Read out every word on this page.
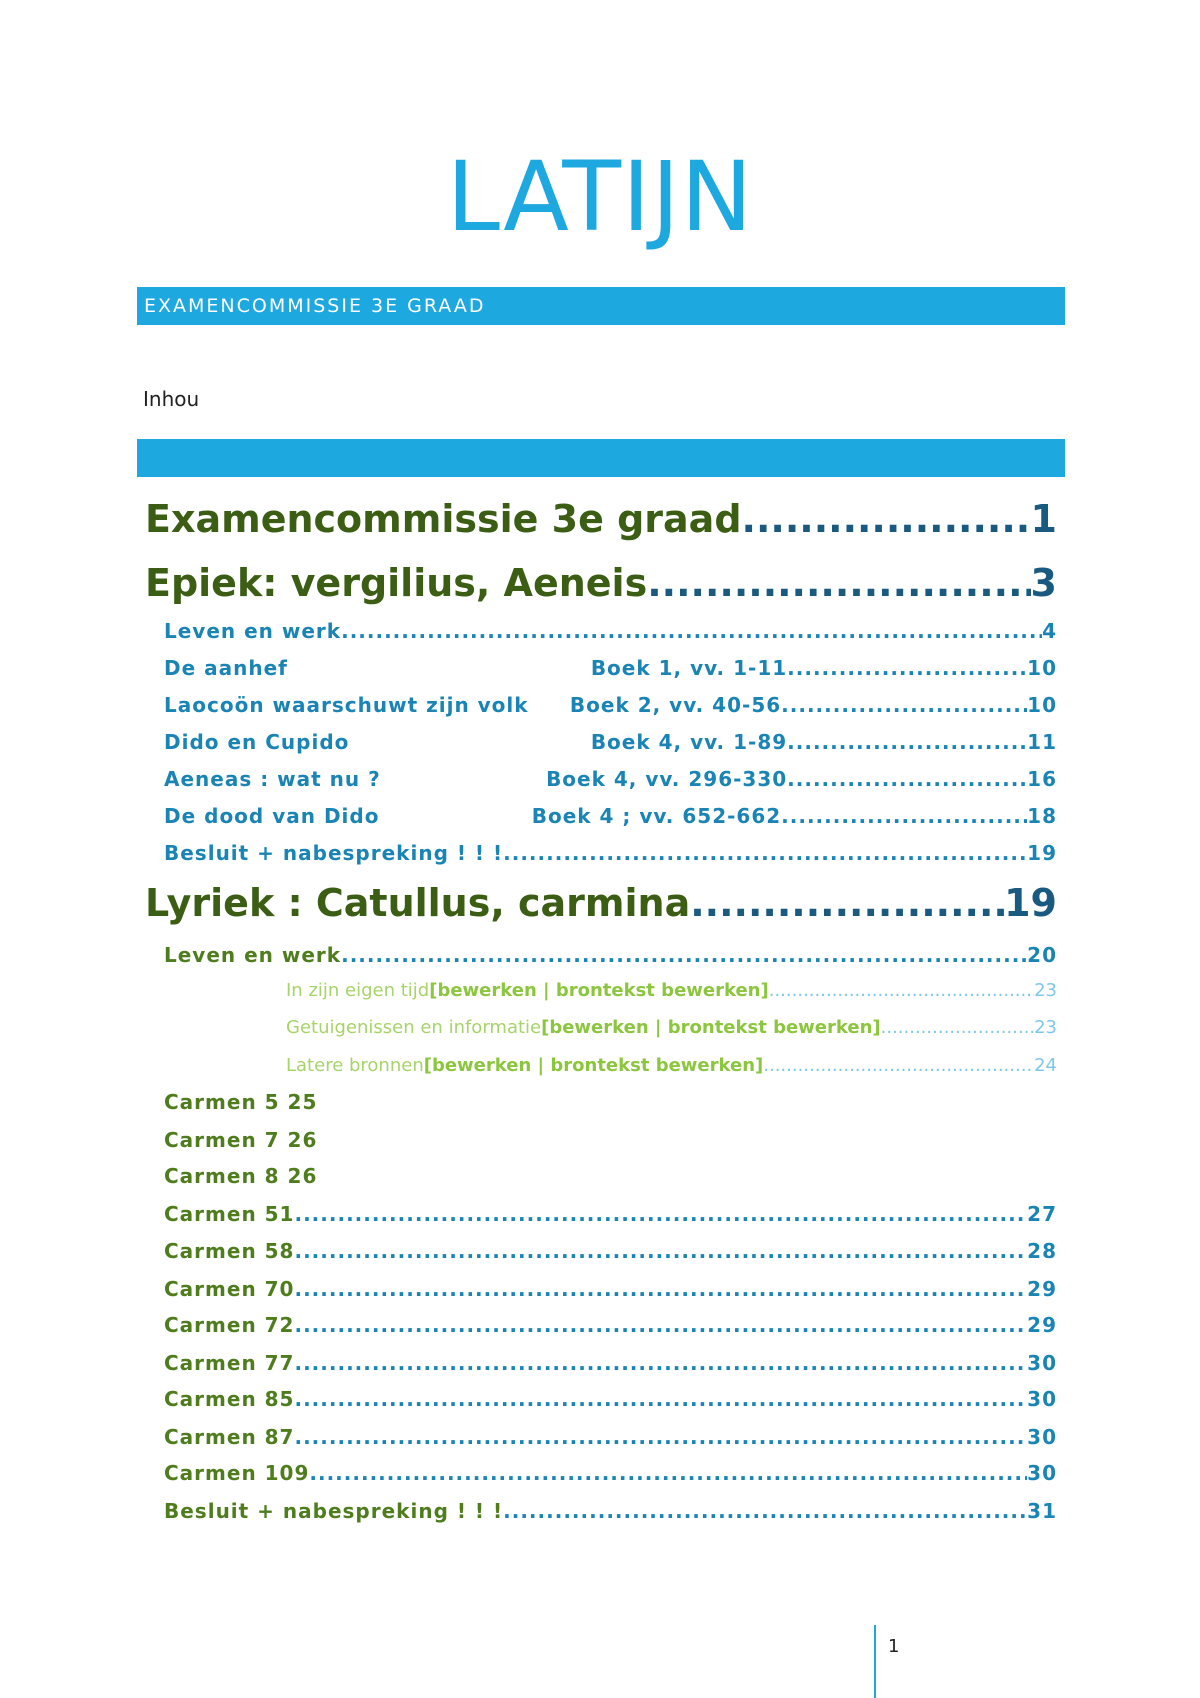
LATIJN
EXAMENCOMMISSIE 3E GRAAD
Inhou
Examencommissie 3e graad .....	1
Epiek: vergilius, Aeneis .....	3
Leven en werk .....	4
De aanhef	Boek 1, vv. 1-11 .....	10
Laocoön waarschuwt zijn volk Boek 2, vv. 40-56 .....	10
Dido en Cupido	Boek 4, vv. 1-89 .....	11
Aeneas : wat nu ?	Boek 4, vv. 296-330 .....	16
De dood van Dido	Boek 4 ; vv. 652-662 .....	18
Besluit + nabespreking ! ! ! .....	19
Lyriek : Catullus, carmina .....	19
Leven en werk .....	20
In zijn eigen tijd[bewerken | brontekst bewerken] .....	23
Getuigenissen en informatie[bewerken | brontekst bewerken] .....	23
Latere bronnen[bewerken | brontekst bewerken] .....	24
Carmen 5 25
Carmen 7 26
Carmen 8 26
Carmen 51 .....	27
Carmen 58 .....	28
Carmen 70 .....	29
Carmen 72 .....	29
Carmen 77 .....	30
Carmen 85 .....	30
Carmen 87 .....	30
Carmen 109 .....	30
Besluit + nabespreking ! ! ! .....	31
1
